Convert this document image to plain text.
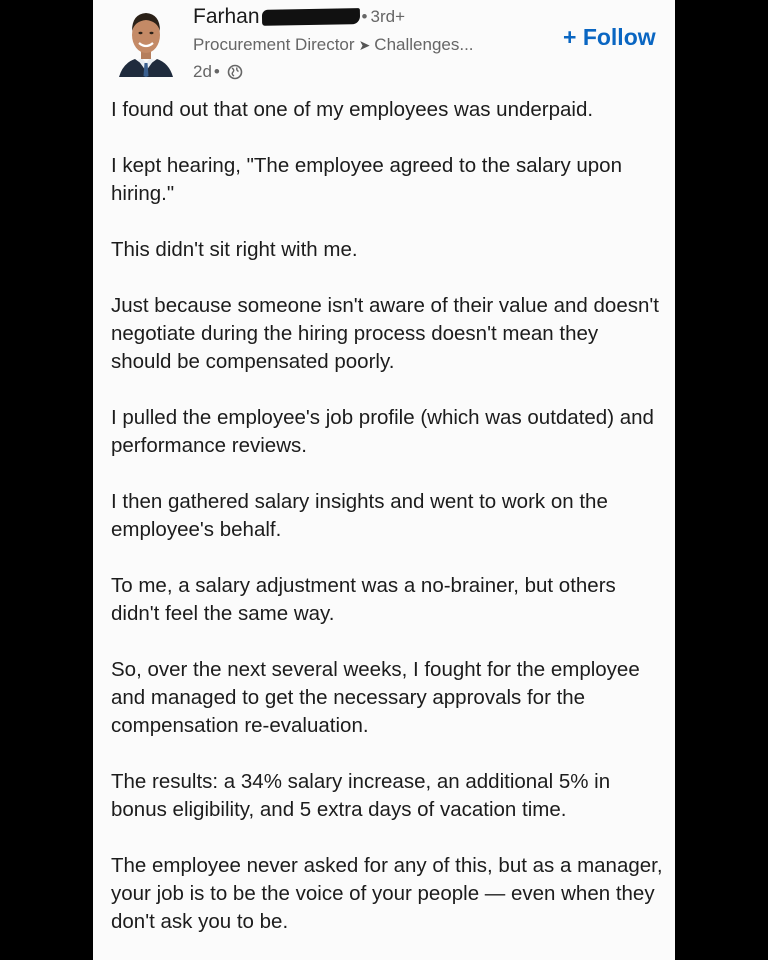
Farhan	• 3rd+
Procurement Director ➤ Challenges...
2d •
+ Follow

I found out that one of my employees was underpaid.

I kept hearing, "The employee agreed to the salary upon hiring."

This didn't sit right with me.

Just because someone isn't aware of their value and doesn't negotiate during the hiring process doesn't mean they should be compensated poorly.

I pulled the employee's job profile (which was outdated) and performance reviews.

I then gathered salary insights and went to work on the employee's behalf.

To me, a salary adjustment was a no-brainer, but others didn't feel the same way.

So, over the next several weeks, I fought for the employee and managed to get the necessary approvals for the compensation re-evaluation.

The results: a 34% salary increase, an additional 5% in bonus eligibility, and 5 extra days of vacation time.

The employee never asked for any of this, but as a manager, your job is to be the voice of your people — even when they don't ask you to be.
